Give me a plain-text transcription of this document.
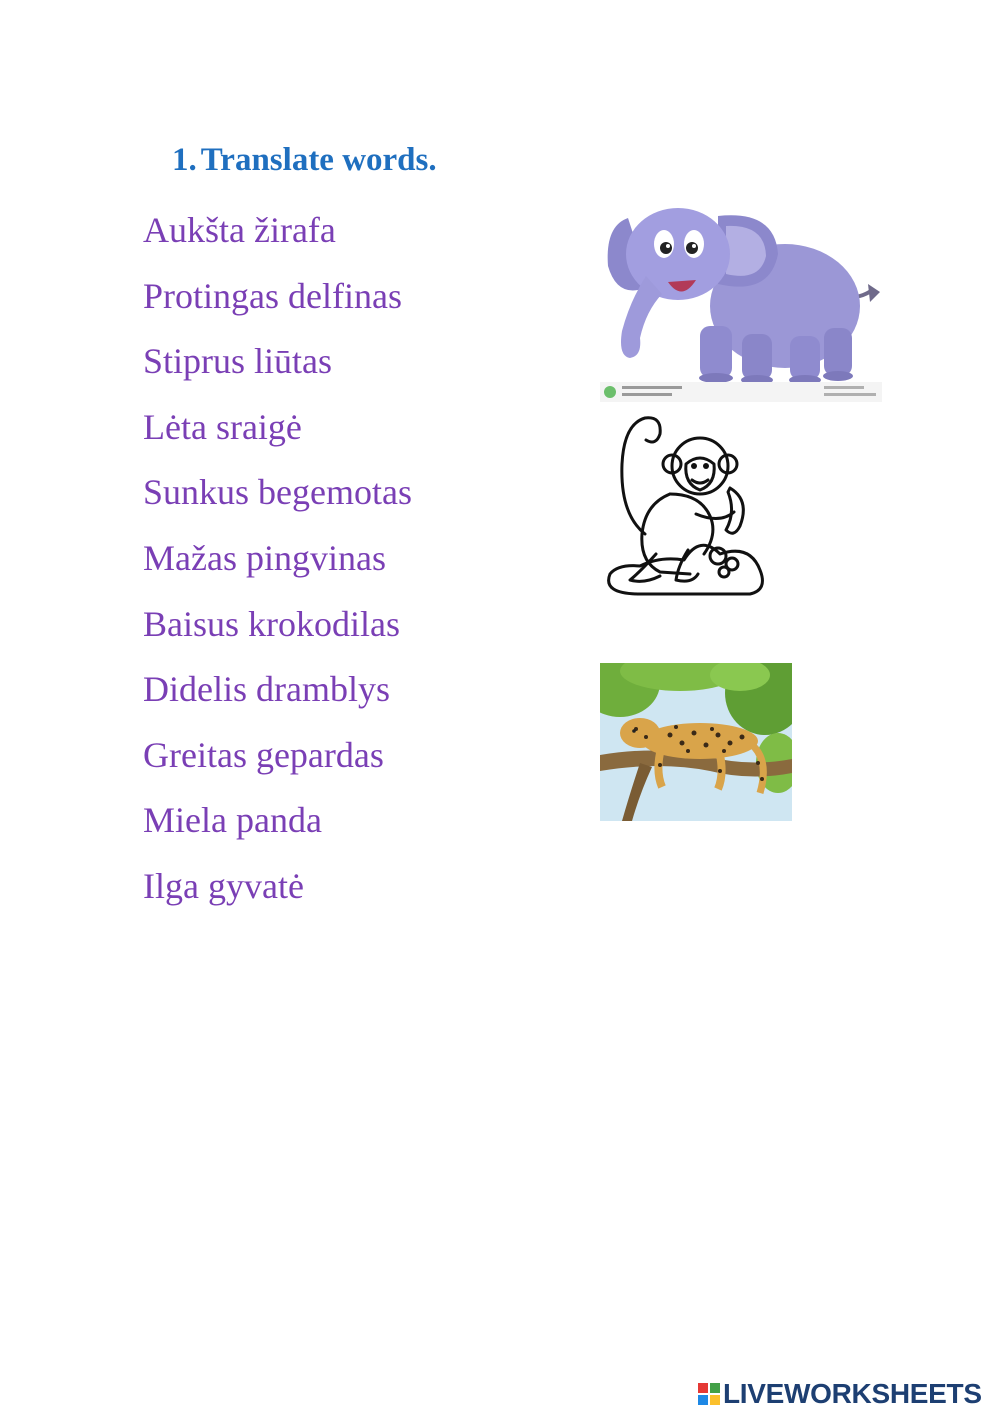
1. Translate words.
Aukšta žirafa
Protingas delfinas
Stiprus liūtas
Lėta sraigė
Sunkus begemotas
Mažas pingvinas
Baisus krokodilas
Didelis dramblys
Greitas gepardas
Miela panda
Ilga gyvatė
LIVEWORKSHEETS
